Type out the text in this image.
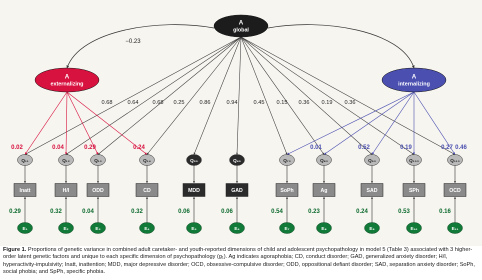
A
global
A
externalizing
A
internalizing
Q₁₁
Inatt
E₁
Q₁₂
H/I
E₂
Q₁₃
ODD
E₃
Q₁₄
CD
E₄
Q₅₀
MDD
E₅
Q₆₀
GAD
E₆
Q₇₃
SoPh
E₇
Q₈₃
Ag
E₈
Q₉₃
SAD
E₉
Q₁₀₃
SPh
E₁₀
Q₁₁₃
OCD
E₁₁
−0.23
0.68	0.64	0.68 0.25	0.86	0.94	0.45 0.15 0.36 0.19 0.36
0.02
0.29
0.04
0.32
0.29
0.04
0.24
0.32	0.06	0.06	0.54
0.01
0.23
0.52
0.24
0.19
0.53
0.27
0.16
0.46
Figure 1. Proportions of genetic variance in combined adult caretaker- and youth-reported dimensions of child and adolescent psychopathology in model 5 (Table 3) associated with 3 higher-order latent genetic factors and unique to each specific dimension of psychopathology (g₁). Ag indicates agoraphobia; CD, conduct disorder; GAD, generalized anxiety disorder; H/I, hyperactivity-impulsivity; Inatt, inattention; MDD, major depressive disorder; OCD, obsessive-compulsive disorder; ODD, oppositional defiant disorder; SAD, separation anxiety disorder; SoPh, social phobia; and SpPh, specific phobia.
